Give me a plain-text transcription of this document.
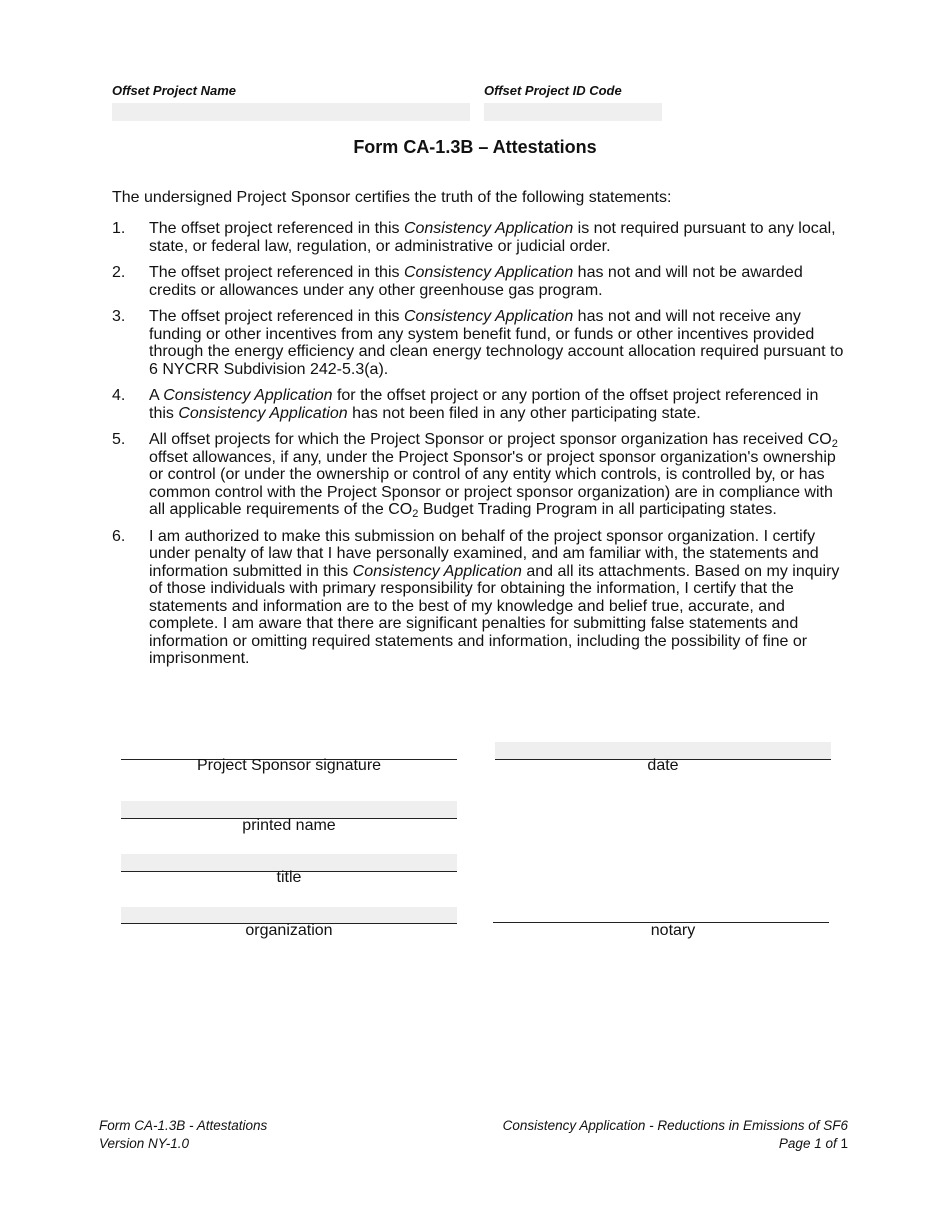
Offset Project Name	Offset Project ID Code
Form CA-1.3B – Attestations
The undersigned Project Sponsor certifies the truth of the following statements:
1. The offset project referenced in this Consistency Application is not required pursuant to any local, state, or federal law, regulation, or administrative or judicial order.
2. The offset project referenced in this Consistency Application has not and will not be awarded credits or allowances under any other greenhouse gas program.
3. The offset project referenced in this Consistency Application has not and will not receive any funding or other incentives from any system benefit fund, or funds or other incentives provided through the energy efficiency and clean energy technology account allocation required pursuant to 6 NYCRR Subdivision 242-5.3(a).
4. A Consistency Application for the offset project or any portion of the offset project referenced in this Consistency Application has not been filed in any other participating state.
5. All offset projects for which the Project Sponsor or project sponsor organization has received $CO_2$ offset allowances, if any, under the Project Sponsor's or project sponsor organization's ownership or control (or under the ownership or control of any entity which controls, is controlled by, or has common control with the Project Sponsor or project sponsor organization) are in compliance with all applicable requirements of the $CO_2$ Budget Trading Program in all participating states.
6. I am authorized to make this submission on behalf of the project sponsor organization. I certify under penalty of law that I have personally examined, and am familiar with, the statements and information submitted in this Consistency Application and all its attachments. Based on my inquiry of those individuals with primary responsibility for obtaining the information, I certify that the statements and information are to the best of my knowledge and belief true, accurate, and complete. I am aware that there are significant penalties for submitting false statements and information or omitting required statements and information, including the possibility of fine or imprisonment.
Project Sponsor signature
printed name
title
organization
date
notary
Form CA-1.3B - Attestations
Version NY-1.0
Consistency Application - Reductions in Emissions of SF6
Page 1 of 1
